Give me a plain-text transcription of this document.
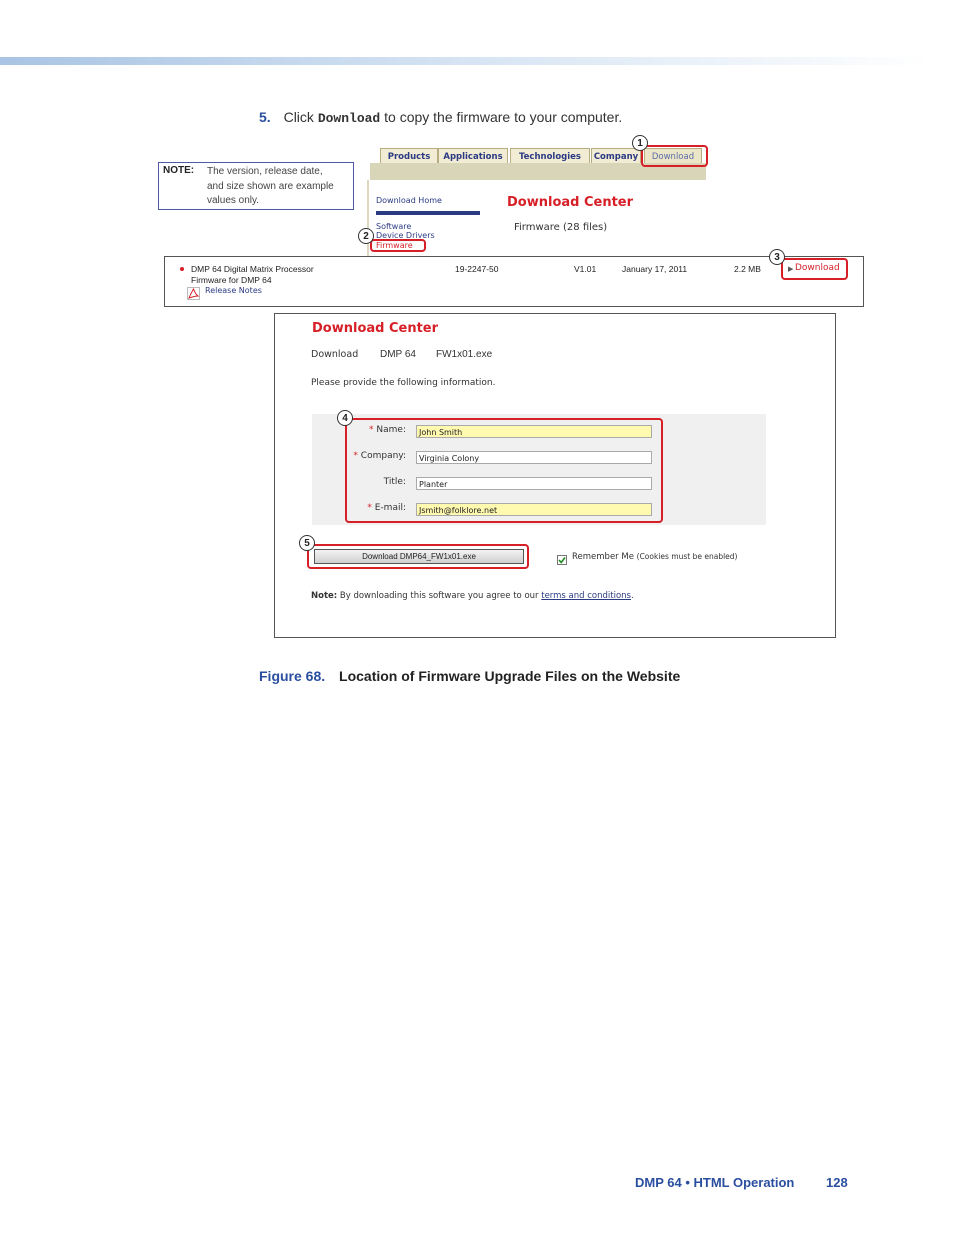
5. Click Download to copy the firmware to your computer.
NOTE: The version, release date,
and size shown are example
values only.
Products	Applications	Technologies	Company	Download
Download Home
Software
Device Drivers
Firmware
Download Center
Firmware (28 files)
1
2
DMP 64 Digital Matrix Processor
Firmware for DMP 64
Release Notes
19-2247-50	V1.01	January 17, 2011	2.2 MB	▶ Download
3
Download Center
Download DMP 64 FW1x01.exe
Please provide the following information.
* Name:	John Smith
* Company:	Virginia Colony
Title:	Planter
* E-mail:	Jsmith@folklore.net
4
Download DMP64_FW1x01.exe
5
Remember Me (Cookies must be enabled)
Note: By downloading this software you agree to our terms and conditions.
Figure 68. Location of Firmware Upgrade Files on the Website
DMP 64 • HTML Operation 128
